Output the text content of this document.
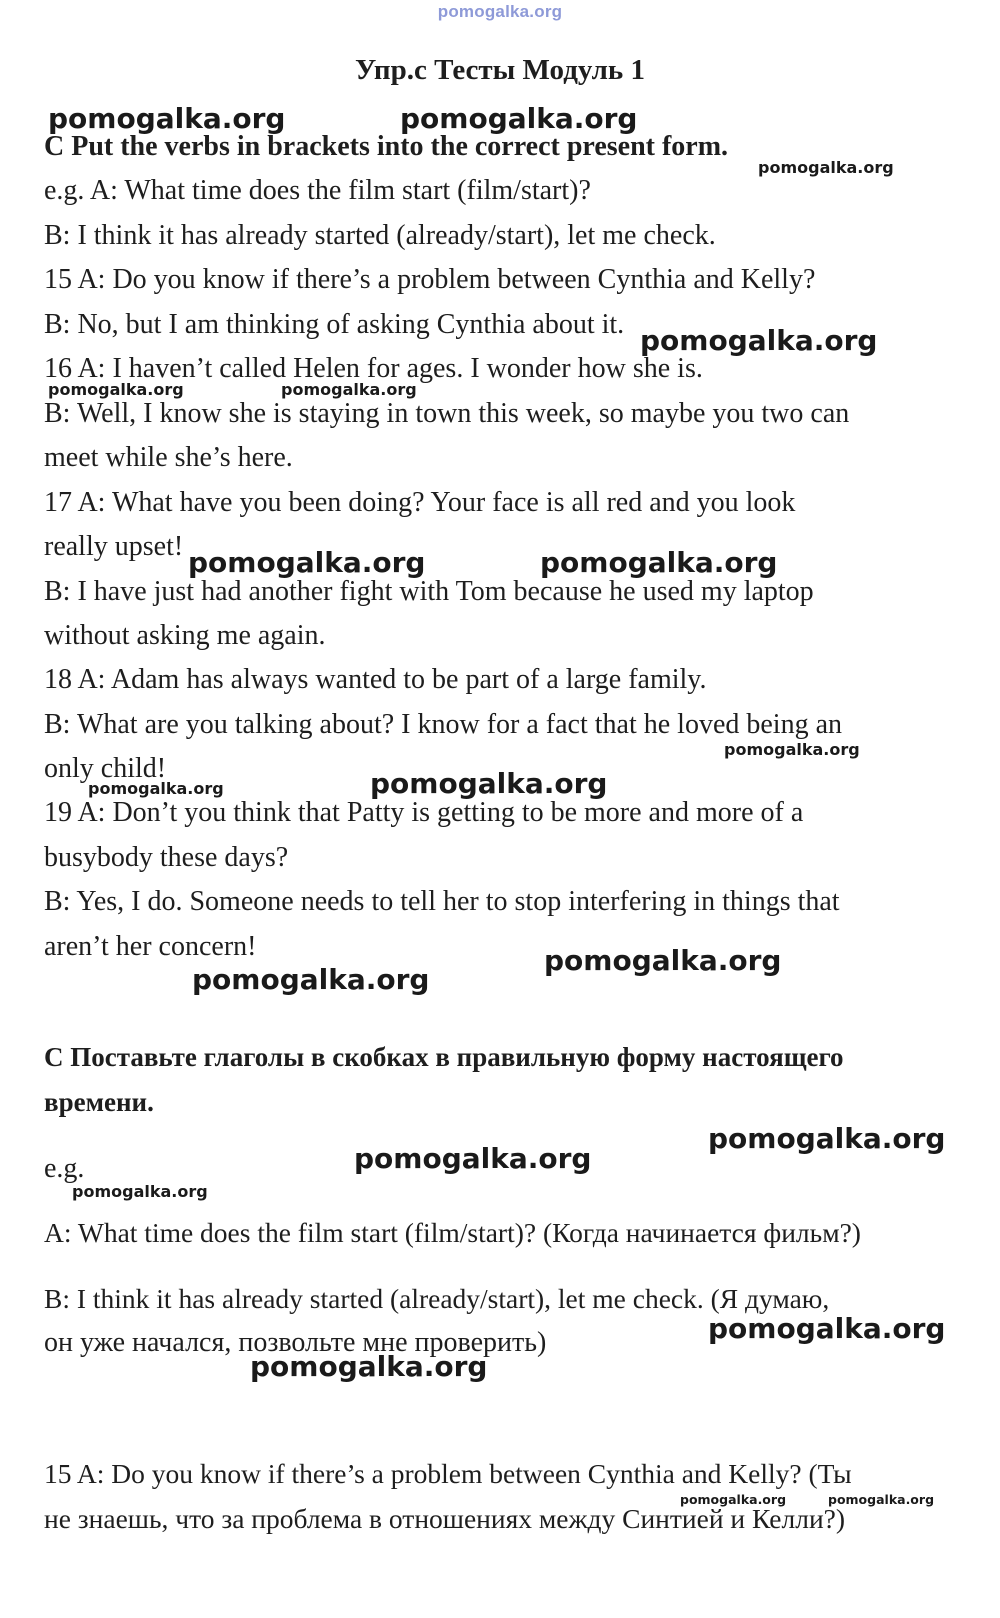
pomogalka.org
Упр.с Тесты Модуль 1
C Put the verbs in brackets into the correct present form.
e.g. A: What time does the film start (film/start)?
B: I think it has already started (already/start), let me check.
15 A: Do you know if there’s a problem between Cynthia and Kelly?
B: No, but I am thinking of asking Cynthia about it.
16 A: I haven’t called Helen for ages. I wonder how she is.
B: Well, I know she is staying in town this week, so maybe you two can
meet while she’s here.
17 A: What have you been doing? Your face is all red and you look
really upset!
B: I have just had another fight with Tom because he used my laptop
without asking me again.
18 A: Adam has always wanted to be part of a large family.
B: What are you talking about? I know for a fact that he loved being an
only child!
19 A: Don’t you think that Patty is getting to be more and more of a
busybody these days?
B: Yes, I do. Someone needs to tell her to stop interfering in things that
aren’t her concern!
C Поставьте глаголы в скобках в правильную форму настоящего
времени.
e.g.
A: What time does the film start (film/start)? (Когда начинается фильм?)
B: I think it has already started (already/start), let me check. (Я думаю,
он уже начался, позвольте мне проверить)
15 A: Do you know if there’s a problem between Cynthia and Kelly? (Ты
не знаешь, что за проблема в отношениях между Синтией и Келли?)
pomogalka.org	pomogalka.org
pomogalka.org
pomogalka.org
pomogalka.org	pomogalka.org
pomogalka.org	pomogalka.org
pomogalka.org
pomogalka.org	pomogalka.org
pomogalka.org
pomogalka.org
pomogalka.org
pomogalka.org
pomogalka.org
pomogalka.org
pomogalka.org
pomogalka.org	pomogalka.org
